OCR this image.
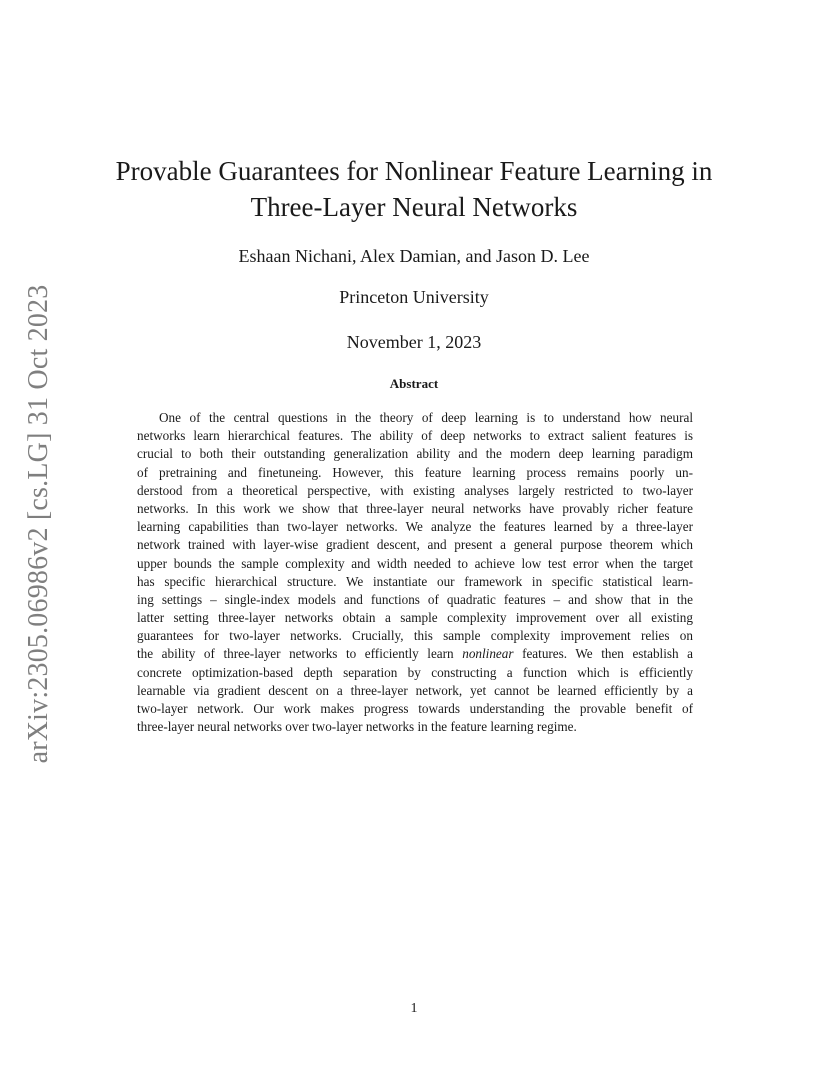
arXiv:2305.06986v2 [cs.LG] 31 Oct 2023
Provable Guarantees for Nonlinear Feature Learning in
Three-Layer Neural Networks
Eshaan Nichani, Alex Damian, and Jason D. Lee
Princeton University
November 1, 2023
Abstract
One of the central questions in the theory of deep learning is to understand how neural
networks learn hierarchical features. The ability of deep networks to extract salient features is
crucial to both their outstanding generalization ability and the modern deep learning paradigm
of pretraining and finetuneing. However, this feature learning process remains poorly un-
derstood from a theoretical perspective, with existing analyses largely restricted to two-layer
networks. In this work we show that three-layer neural networks have provably richer feature
learning capabilities than two-layer networks. We analyze the features learned by a three-layer
network trained with layer-wise gradient descent, and present a general purpose theorem which
upper bounds the sample complexity and width needed to achieve low test error when the target
has specific hierarchical structure. We instantiate our framework in specific statistical learn-
ing settings – single-index models and functions of quadratic features – and show that in the
latter setting three-layer networks obtain a sample complexity improvement over all existing
guarantees for two-layer networks. Crucially, this sample complexity improvement relies on
the ability of three-layer networks to efficiently learn nonlinear features. We then establish a
concrete optimization-based depth separation by constructing a function which is efficiently
learnable via gradient descent on a three-layer network, yet cannot be learned efficiently by a
two-layer network. Our work makes progress towards understanding the provable benefit of
three-layer neural networks over two-layer networks in the feature learning regime.
1
